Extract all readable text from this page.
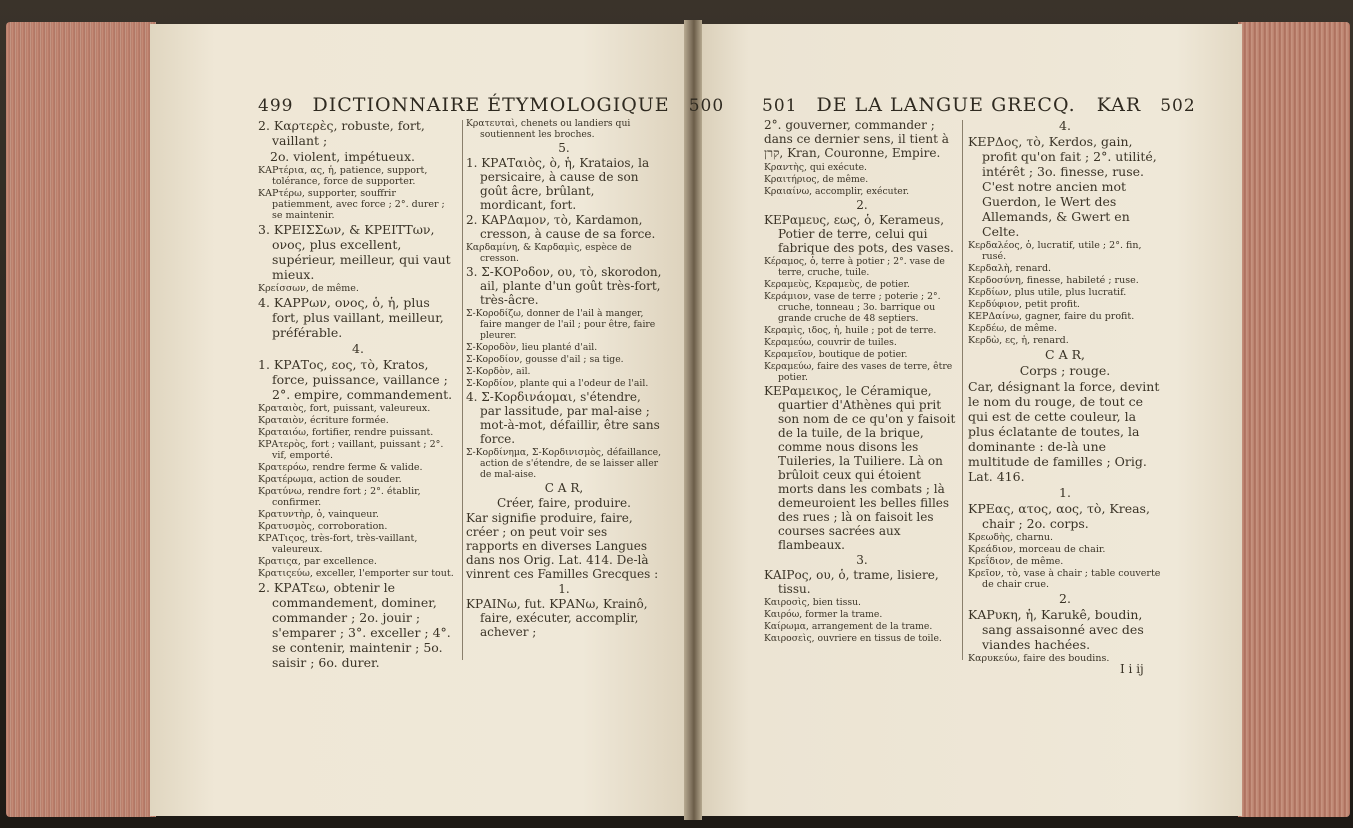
499 DICTIONNAIRE ÉTYMOLOGIQUE 500 501 DE LA LANGUE GRECQ. KAR 502

2. Καρτερὲς, robuste, fort, vaillant ;

2o. violent, impétueux.

ΚΑΡτέρια, ας, ἡ, patience, support, tolérance, force de supporter.

ΚΑΡτέρω, supporter, souffrir patiemment, avec force ; 2°. durer ; se maintenir.

3. ΚΡΕΙΣΣων, & ΚΡΕΙΤΤων, ονος, plus excellent, supérieur, meilleur, qui vaut mieux.

Κρείσσων, de même.

4. ΚΑΡΡων, ονος, ὁ, ἡ, plus fort, plus vaillant, meilleur, préférable.

4.

1. ΚΡΑΤος, εος, τὸ, Kratos, force, puissance, vaillance ; 2°. empire, commandement.

Κραταιὸς, fort, puissant, valeureux.

Κραταιὸν, écriture formée.

Κραταιόω, fortifier, rendre puissant.

ΚΡΑτερὸς, fort ; vaillant, puissant ; 2°. vif, emporté.

Κρατερόω, rendre ferme & valide.

Κρατέρωμα, action de souder.

Κρατύνω, rendre fort ; 2°. établir, confirmer.

Κρατυντὴρ, ὁ, vainqueur.

Κρατυσμὸς, corroboration.

ΚΡΑΤιςος, très-fort, très-vaillant, valeureux.

Κρατιςα, par excellence.

Κρατιςεύω, exceller, l'emporter sur tout.

2. ΚΡΑΤεω, obtenir le commandement, dominer, commander ; 2o. jouir ; s'emparer ; 3°. exceller ; 4°. se contenir, maintenir ; 5o. saisir ; 6o. durer.

Κρατευταὶ, chenets ou landiers qui soutiennent les broches.

5.

1. ΚΡΑΤαιὸς, ὸ, ἡ, Krataios, la persicaire, à cause de son goût âcre, brûlant, mordicant, fort.

2. ΚΑΡΔαμον, τὸ, Kardamon, cresson, à cause de sa force.

Καρδαμίνη, & Καρδαμὶς, espèce de cresson.

3. Σ-ΚΟΡοδον, ου, τὸ, skorodon, ail, plante d'un goût très-fort, très-âcre.

Σ-Κοροδίζω, donner de l'ail à manger, faire manger de l'ail ; pour être, faire pleurer.

Σ-Κοροδὸν, lieu planté d'ail.

Σ-Κοροδίον, gousse d'ail ; sa tige.

Σ-Κορδὸν, ail.

Σ-Κορδίον, plante qui a l'odeur de l'ail.

4. Σ-Κορδινάομαι, s'étendre, par lassitude, par mal-aise ; mot-à-mot, défaillir, être sans force.

Σ-Κορδίνημα, Σ-Κορδινισμὸς, défaillance, action de s'étendre, de se laisser aller de mal-aise.

C A R,

Créer, faire, produire.

Kar signifie produire, faire, créer ; on peut voir ses rapports en diverses Langues dans nos Orig. Lat. 414. De-là vinrent ces Familles Grecques :

1.

ΚΡΑΙΝω, fut. ΚΡΑΝω, Krainô, faire, exécuter, accomplir, achever ;

2°. gouverner, commander ; dans ce dernier sens, il tient à קרן, Kran, Couronne, Empire.

Κραντὴς, qui exécute.

Κραιτήριος, de même.

Κραιαίνω, accomplir, exécuter.

2.

ΚΕΡαμευς, εως, ὁ, Kerameus, Potier de terre, celui qui fabrique des pots, des vases.

Κέραμος, ὁ, terre à potier ; 2°. vase de terre, cruche, tuile.

Κεραμεὺς, Κεραμεὺς, de potier.

Κεράμιον, vase de terre ; poterie ; 2°. cruche, tonneau ; 3o. barrique ou grande cruche de 48 septiers.

Κεραμὶς, ιδος, ἡ, huile ; pot de terre.

Κεραμεύω, couvrir de tuiles.

Κεραμεῖον, boutique de potier.

Κεραμεύω, faire des vases de terre, être potier.

ΚΕΡαμεικος, le Céramique, quartier d'Athènes qui prit son nom de ce qu'on y faisoit de la tuile, de la brique, comme nous disons les Tuileries, la Tuiliere. Là on brûloit ceux qui étoient morts dans les combats ; là demeuroient les belles filles des rues ; là on faisoit les courses sacrées aux flambeaux.

3.

ΚΑΙΡος, ου, ὁ, trame, lisiere, tissu.

Καιροσὶς, bien tissu.

Καιρόω, former la trame.

Καίρωμα, arrangement de la trame.

Καιροσεὶς, ouvriere en tissus de toile.

4.

ΚΕΡΔος, τὸ, Kerdos, gain, profit qu'on fait ; 2°. utilité, intérêt ; 3o. finesse, ruse. C'est notre ancien mot Guerdon, le Wert des Allemands, & Gwert en Celte.

Κερδαλέος, ὁ, lucratif, utile ; 2°. fin, rusé.

Κερδαλὴ, renard.

Κερδοσύνη, finesse, habileté ; ruse.

Κερδίων, plus utile, plus lucratif.

Κερδύφιον, petit profit.

ΚΕΡΔαίνω, gagner, faire du profit.

Κερδέω, de même.

Κερδὼ, ες, ἡ, renard.

C A R,

Corps ; rouge.

Car, désignant la force, devint le nom du rouge, de tout ce qui est de cette couleur, la plus éclatante de toutes, la dominante : de-là une multitude de familles ; Orig. Lat. 416.

1.

ΚΡΕας, ατος, αος, τὸ, Kreas, chair ; 2o. corps.

Κρεωδὴς, charnu.

Κρεάδιον, morceau de chair.

Κρεΐδιον, de même.

Κρεῖον, τὸ, vase à chair ; table couverte de chair crue.

2.

ΚΑΡυκη, ἡ, Karukê, boudin, sang assaisonné avec des viandes hachées.

Καρυκεύω, faire des boudins.

I i ij
